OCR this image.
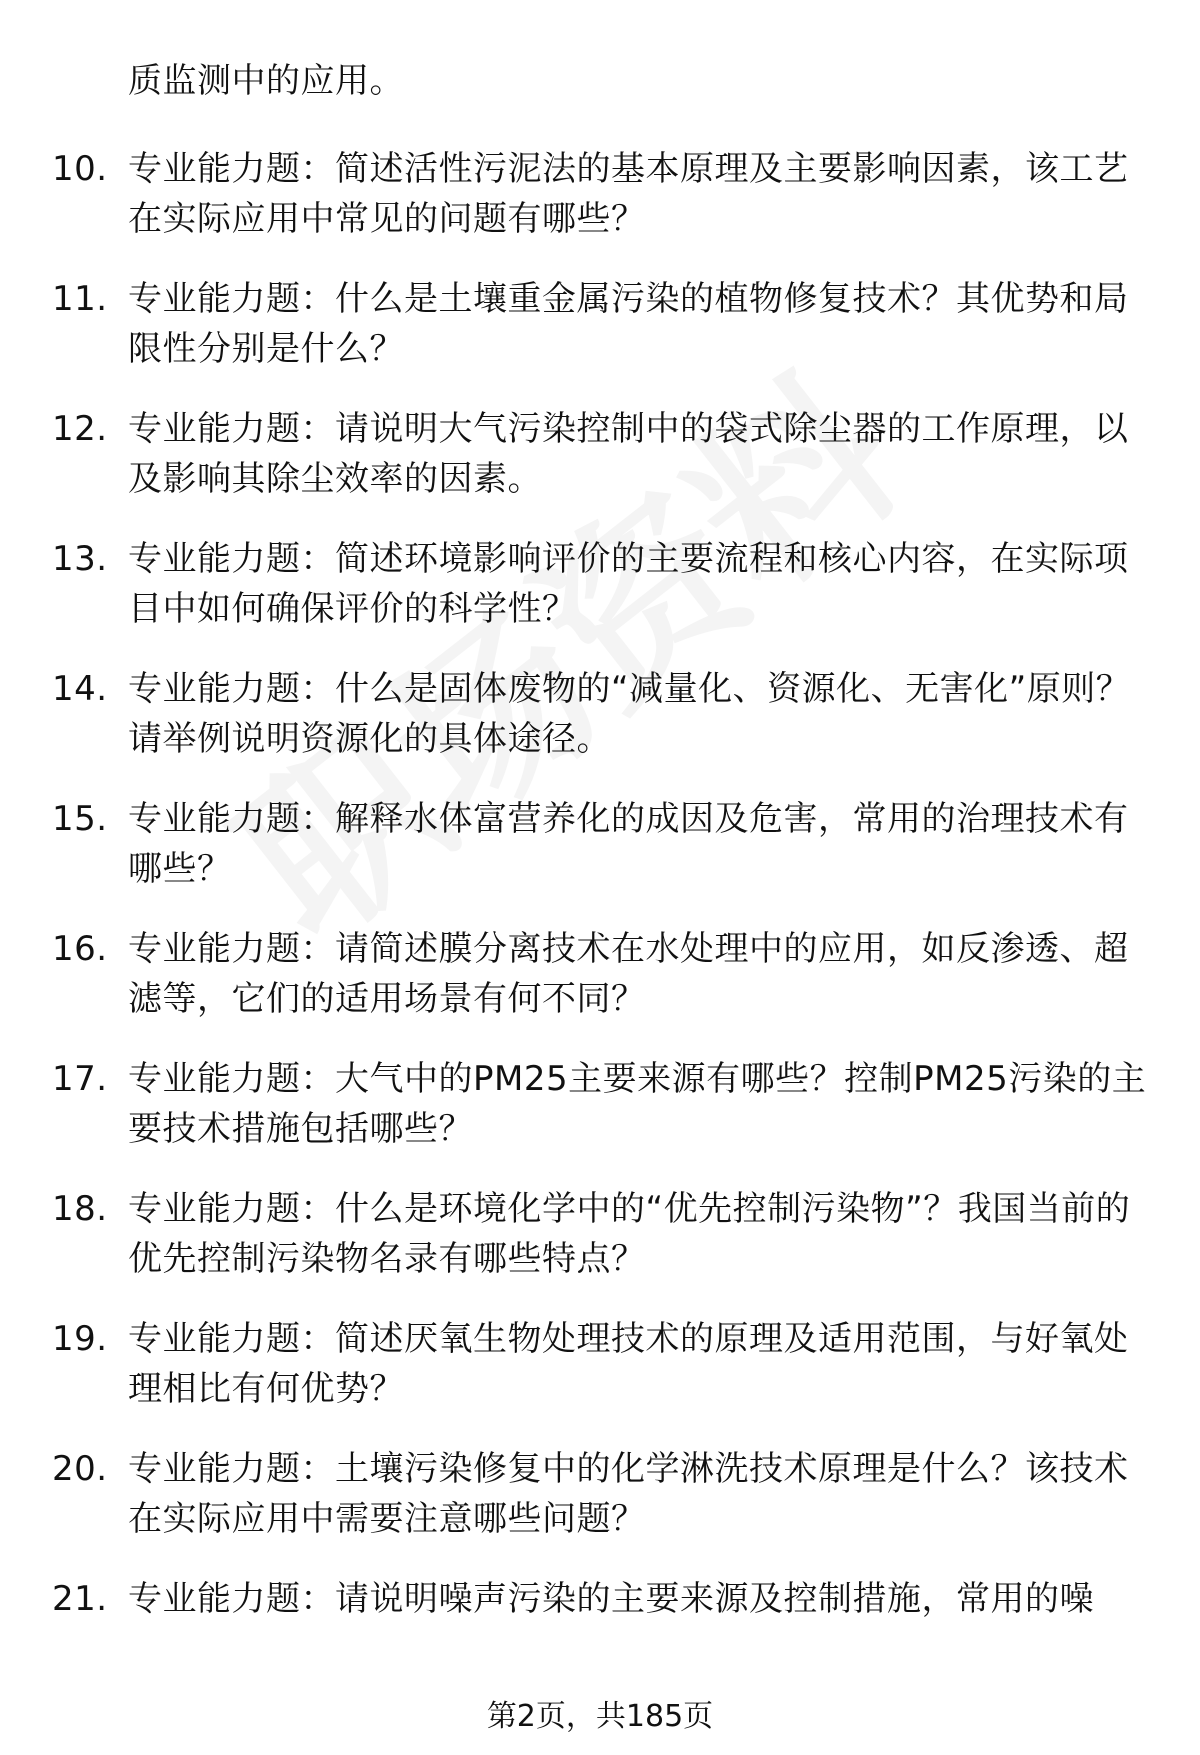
质监测中的应用。
10. 专业能力题：简述活性污泥法的基本原理及主要影响因素，该工艺在实际应用中常见的问题有哪些？
11. 专业能力题：什么是土壤重金属污染的植物修复技术？其优势和局限性分别是什么？
12. 专业能力题：请说明大气污染控制中的袋式除尘器的工作原理，以及影响其除尘效率的因素。
13. 专业能力题：简述环境影响评价的主要流程和核心内容，在实际项目中如何确保评价的科学性？
14. 专业能力题：什么是固体废物的“减量化、资源化、无害化”原则？请举例说明资源化的具体途径。
15. 专业能力题：解释水体富营养化的成因及危害，常用的治理技术有哪些？
16. 专业能力题：请简述膜分离技术在水处理中的应用，如反渗透、超滤等，它们的适用场景有何不同？
17. 专业能力题：大气中的PM25主要来源有哪些？控制PM25污染的主要技术措施包括哪些？
18. 专业能力题：什么是环境化学中的“优先控制污染物”？我国当前的优先控制污染物名录有哪些特点？
19. 专业能力题：简述厌氧生物处理技术的原理及适用范围，与好氧处理相比有何优势？
20. 专业能力题：土壤污染修复中的化学淋洗技术原理是什么？该技术在实际应用中需要注意哪些问题？
21. 专业能力题：请说明噪声污染的主要来源及控制措施，常用的噪
第2页，共185页
